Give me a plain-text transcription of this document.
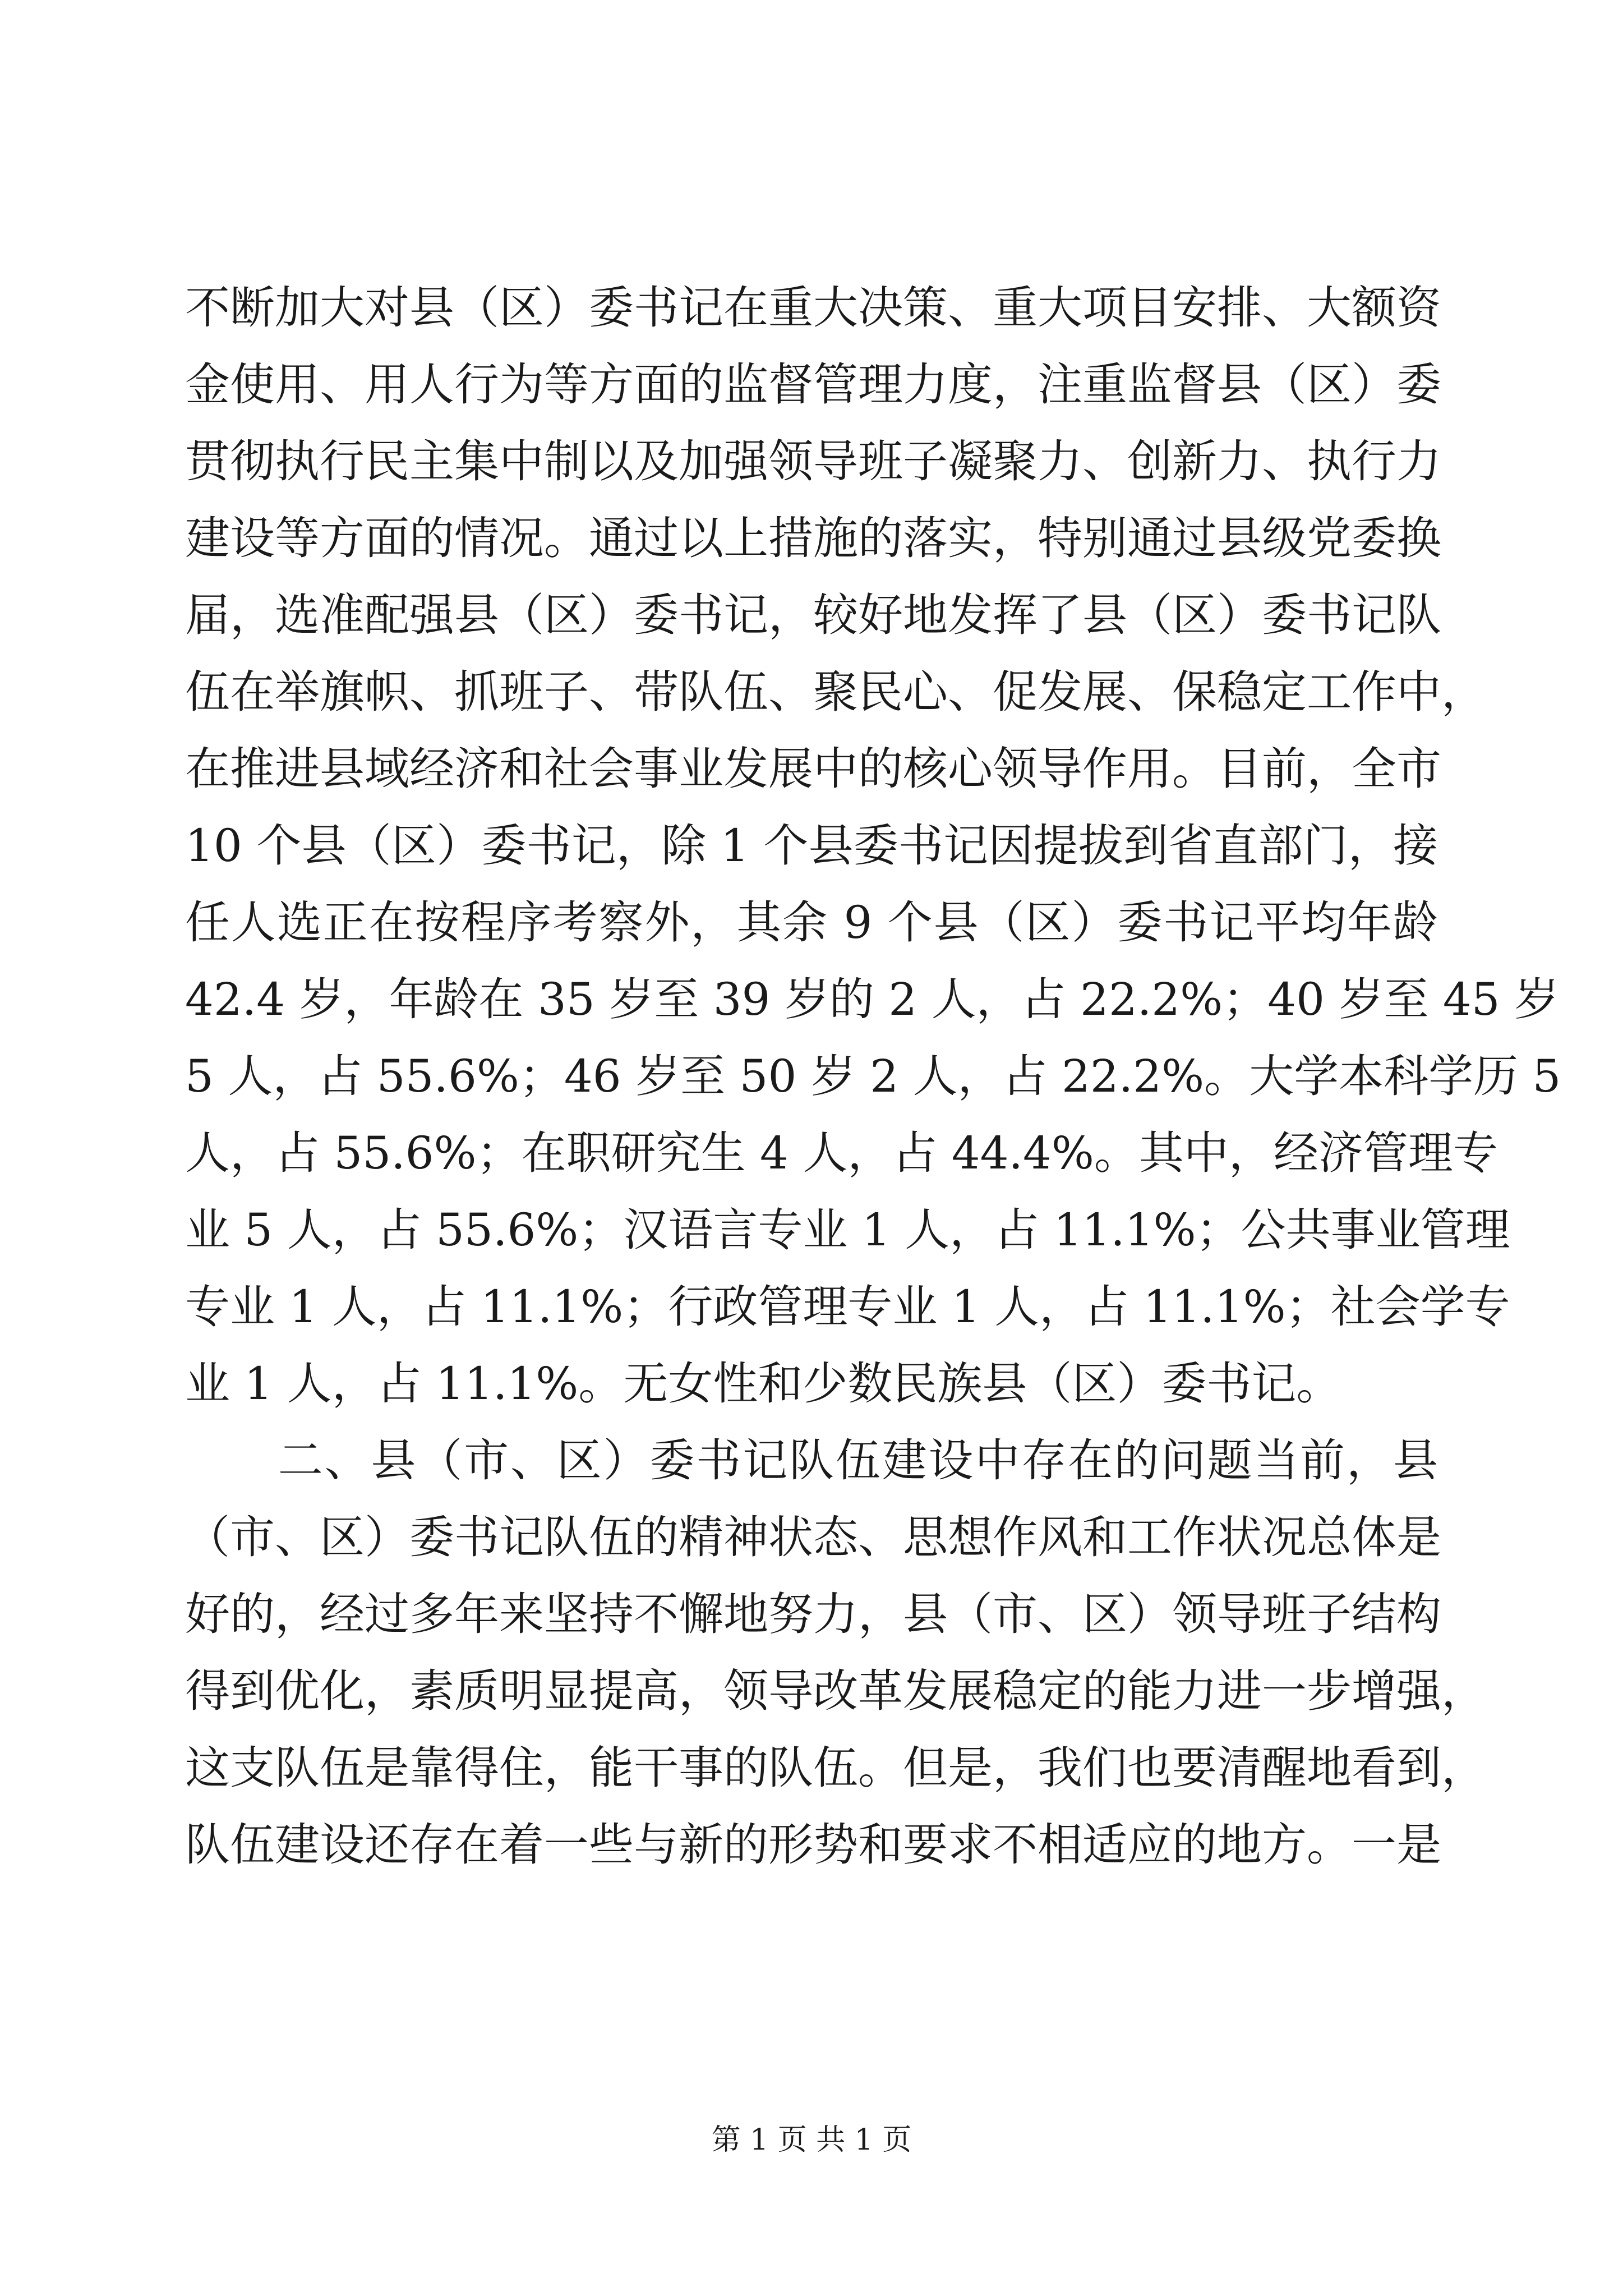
不断加大对县（区）委书记在重大决策、重大项目安排、大额资
金使用、用人行为等方面的监督管理力度，注重监督县（区）委
贯彻执行民主集中制以及加强领导班子凝聚力、创新力、执行力
建设等方面的情况。通过以上措施的落实，特别通过县级党委换
届，选准配强县（区）委书记，较好地发挥了县（区）委书记队
伍在举旗帜、抓班子、带队伍、聚民心、促发展、保稳定工作中，
在推进县域经济和社会事业发展中的核心领导作用。目前，全市
10 个县（区）委书记，除 1 个县委书记因提拔到省直部门，接
任人选正在按程序考察外，其余 9 个县（区）委书记平均年龄
42.4 岁，年龄在 35 岁至 39 岁的 2 人，占 22.2%；40 岁至 45 岁
5 人，占 55.6%；46 岁至 50 岁 2 人，占 22.2%。大学本科学历 5
人，占 55.6%；在职研究生 4 人，占 44.4%。其中，经济管理专
业 5 人，占 55.6%；汉语言专业 1 人，占 11.1%；公共事业管理
专业 1 人，占 11.1%；行政管理专业 1 人，占 11.1%；社会学专
业 1 人，占 11.1%。无女性和少数民族县（区）委书记。
　　二、县（市、区）委书记队伍建设中存在的问题当前，县
（市、区）委书记队伍的精神状态、思想作风和工作状况总体是
好的，经过多年来坚持不懈地努力，县（市、区）领导班子结构
得到优化，素质明显提高，领导改革发展稳定的能力进一步增强，
这支队伍是靠得住，能干事的队伍。但是，我们也要清醒地看到，
队伍建设还存在着一些与新的形势和要求不相适应的地方。一是
第 1 页 共 1 页
